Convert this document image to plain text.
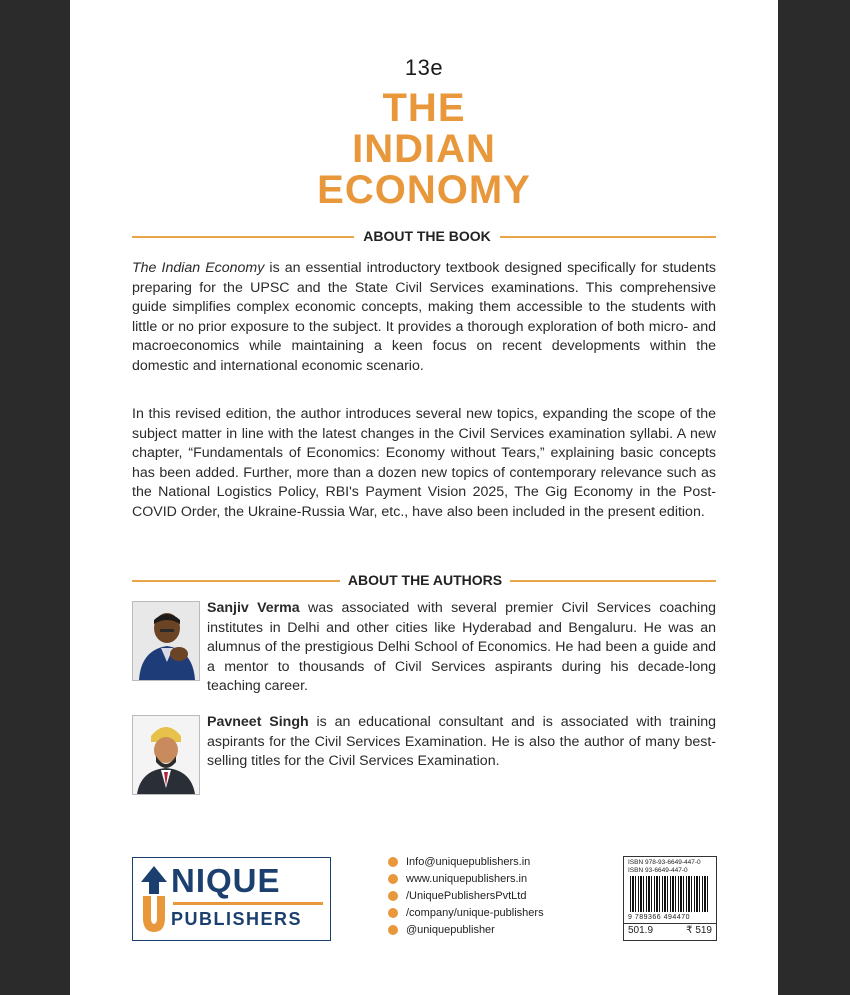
13e
THE
INDIAN
ECONOMY
ABOUT THE BOOK
The Indian Economy is an essential introductory textbook designed specifically for students preparing for the UPSC and the State Civil Services examinations. This comprehensive guide simplifies complex economic concepts, making them accessible to the students with little or no prior exposure to the subject. It provides a thorough exploration of both micro- and macroeconomics while maintaining a keen focus on recent developments within the domestic and international economic scenario.
In this revised edition, the author introduces several new topics, expanding the scope of the subject matter in line with the latest changes in the Civil Services examination syllabi. A new chapter, “Fundamentals of Economics: Economy without Tears,” explaining basic concepts has been added. Further, more than a dozen new topics of contemporary relevance such as the National Logistics Policy, RBI's Payment Vision 2025, The Gig Economy in the Post-COVID Order, the Ukraine-Russia War, etc., have also been included in the present edition.
ABOUT THE AUTHORS
Sanjiv Verma was associated with several premier Civil Services coaching institutes in Delhi and other cities like Hyderabad and Bengaluru. He was an alumnus of the prestigious Delhi School of Economics. He had been a guide and a mentor to thousands of Civil Services aspirants during his decade-long teaching career.
Pavneet Singh is an educational consultant and is associated with training aspirants for the Civil Services Examination. He is also the author of many best-selling titles for the Civil Services Examination.
NIQUE
PUBLISHERS
Info@uniquepublishers.in
www.uniquepublishers.in
/UniquePublishersPvtLtd
/company/unique-publishers
@uniquepublisher
ISBN 978-93-6649-447-0
ISBN 93-6649-447-0
9 789366 494470
501.9	₹ 519
